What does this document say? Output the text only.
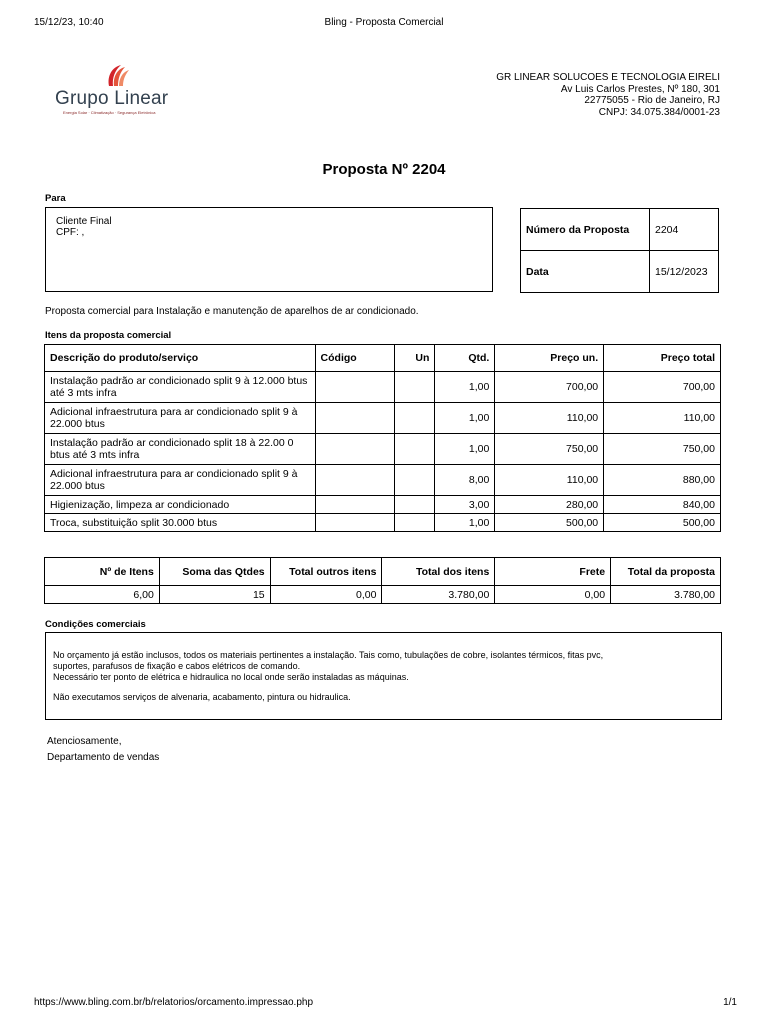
15/12/23, 10:40	Bling - Proposta Comercial
Grupo Linear
Energia Solar · Climatização · Segurança Eletrônica
GR LINEAR SOLUCOES E TECNOLOGIA EIRELI
Av Luis Carlos Prestes, Nº 180, 301
22775055 - Rio de Janeiro, RJ
CNPJ: 34.075.384/0001-23
Proposta Nº 2204
Para
Cliente Final
CPF: ,	Número da Proposta	2204
Data	15/12/2023
Proposta comercial para Instalação e manutenção de aparelhos de ar condicionado.
Itens da proposta comercial
Descrição do produto/serviço	Código	Un	Qtd.	Preço un.	Preço total
Instalação padrão ar condicionado split 9 à 12.000 btus até 3 mts infra			1,00	700,00	700,00
Adicional infraestrutura para ar condicionado split 9 à 22.000 btus			1,00	110,00	110,00
Instalação padrão ar condicionado split 18 à 22.00 0 btus até 3 mts infra			1,00	750,00	750,00
Adicional infraestrutura para ar condicionado split 9 à 22.000 btus			8,00	110,00	880,00
Higienização, limpeza ar condicionado			3,00	280,00	840,00
Troca, substituição split 30.000 btus			1,00	500,00	500,00
Nº de Itens	Soma das Qtdes	Total outros itens	Total dos itens	Frete	Total da proposta
6,00	15	0,00	3.780,00	0,00	3.780,00
Condições comerciais
No orçamento já estão inclusos, todos os materiais pertinentes a instalação. Tais como, tubulações de cobre, isolantes térmicos, fitas pvc,
suportes, parafusos de fixação e cabos elétricos de comando.
Necessário ter ponto de elétrica e hidraulica no local onde serão instaladas as máquinas.
Não executamos serviços de alvenaria, acabamento, pintura ou hidraulica.
Atenciosamente,
Departamento de vendas
https://www.bling.com.br/b/relatorios/orcamento.impressao.php	1/1
